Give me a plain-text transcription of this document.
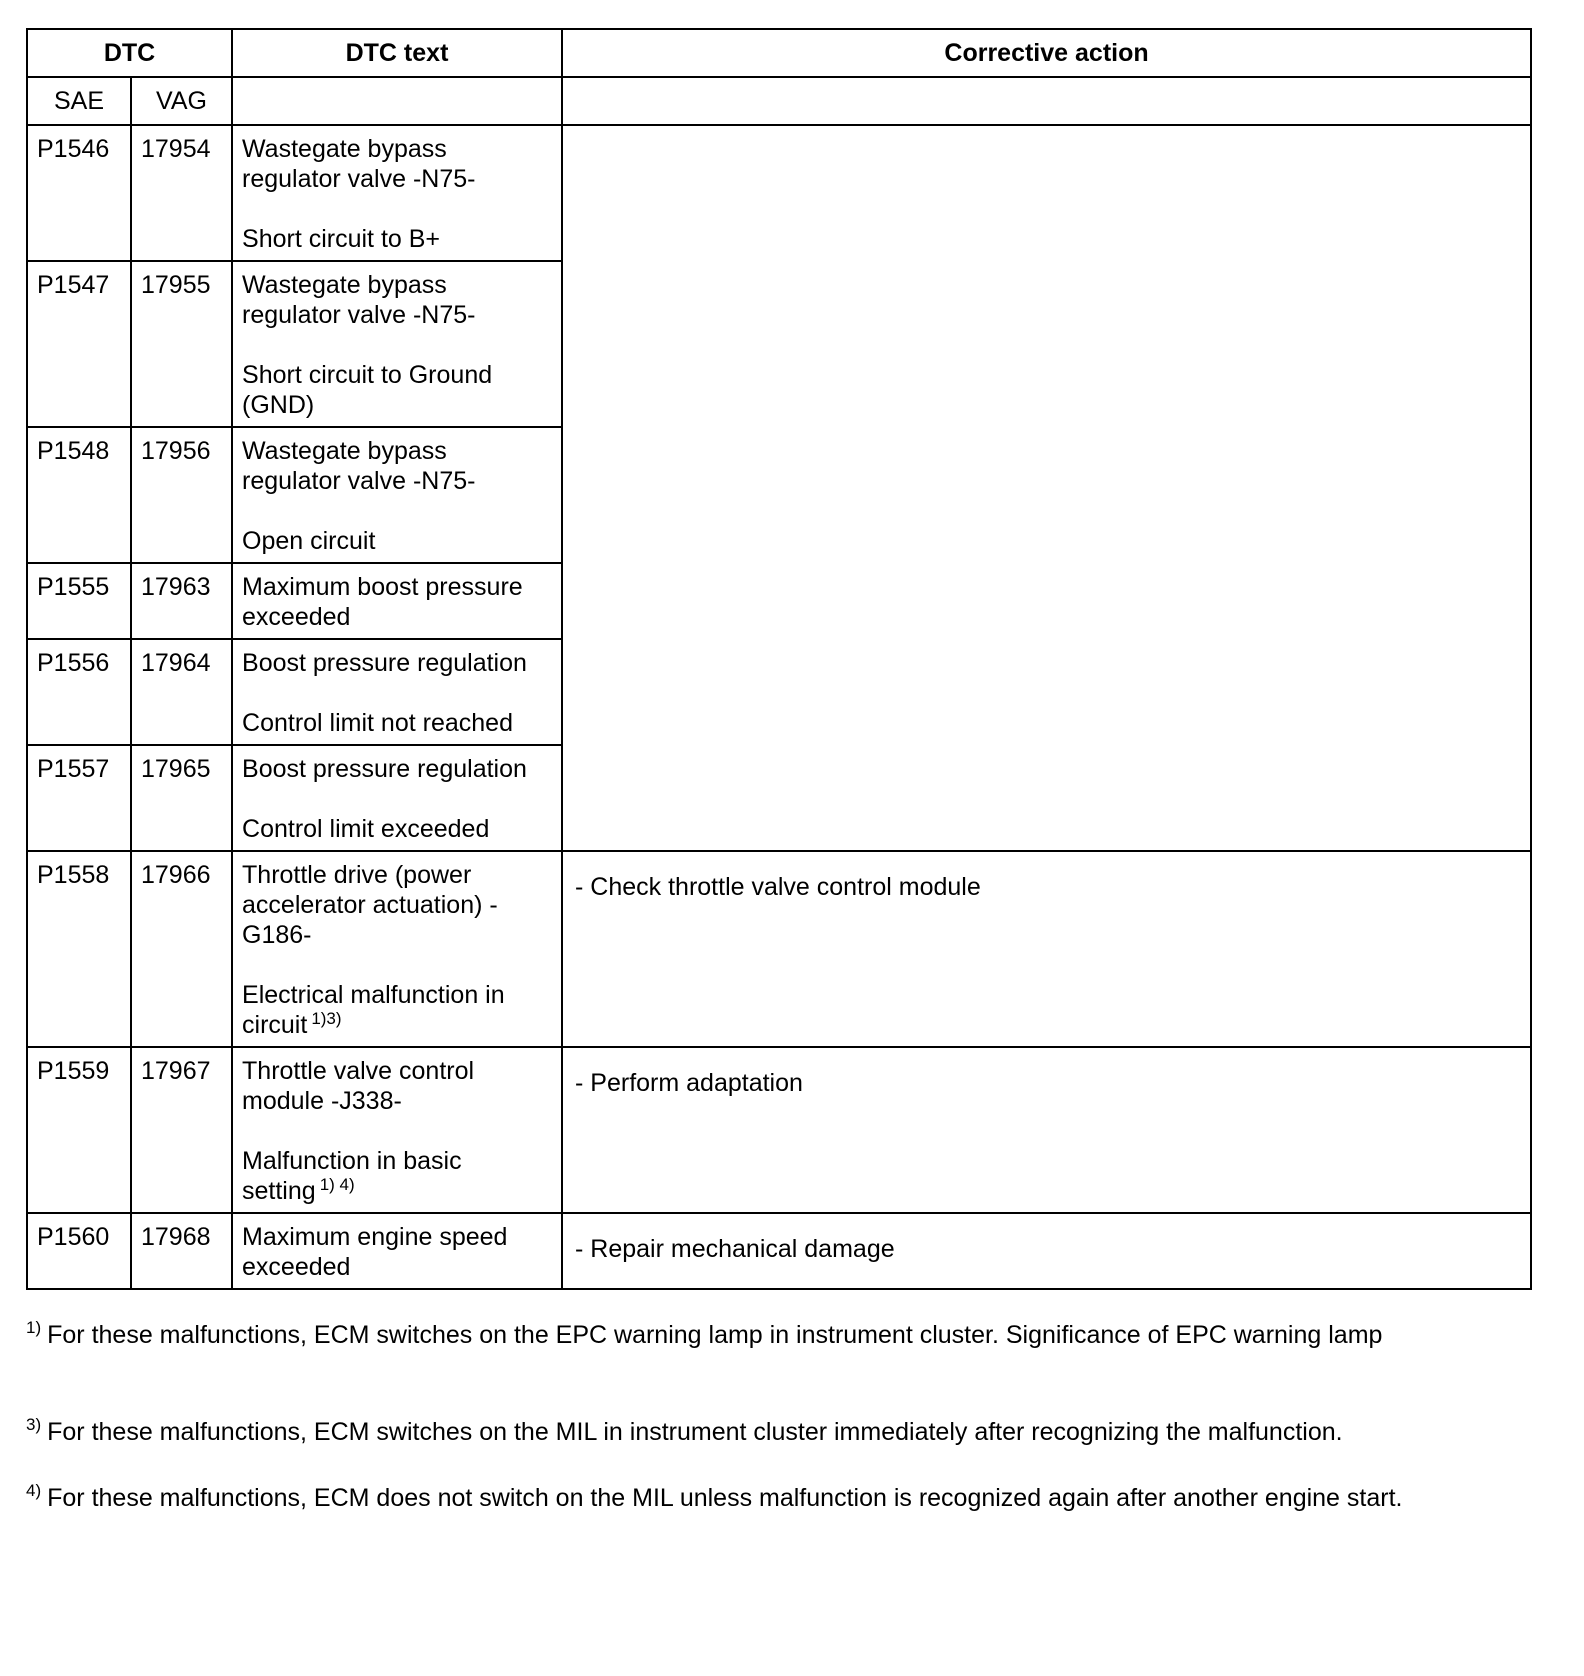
DTC		DTC text	Corrective action
SAE	VAG		
P1546	17954	Wastegate bypass regulator valve -N75-
Short circuit to B+	

P1547	17955	Wastegate bypass regulator valve -N75-
Short circuit to Ground (GND)	

P1548	17956	Wastegate bypass regulator valve -N75-
Open circuit	

P1555	17963	Maximum boost pressure exceeded	

P1556	17964	Boost pressure regulation
Control limit not reached	

P1557	17965	Boost pressure regulation
Control limit exceeded	

P1558	17966	Throttle drive (power accelerator actuation) -G186-
Electrical malfunction in circuit $^{1)3)}$	- Check throttle valve control module
P1559	17967	Throttle valve control module -J338-
Malfunction in basic setting $^{1) 4)}$	- Perform adaptation
P1560	17968	Maximum engine speed exceeded	- Repair mechanical damage
$^{1)}$ For these malfunctions, ECM switches on the EPC warning lamp in instrument cluster. Significance of EPC warning lamp
$^{3)}$ For these malfunctions, ECM switches on the MIL in instrument cluster immediately after recognizing the malfunction.
$^{4)}$ For these malfunctions, ECM does not switch on the MIL unless malfunction is recognized again after another engine start.
